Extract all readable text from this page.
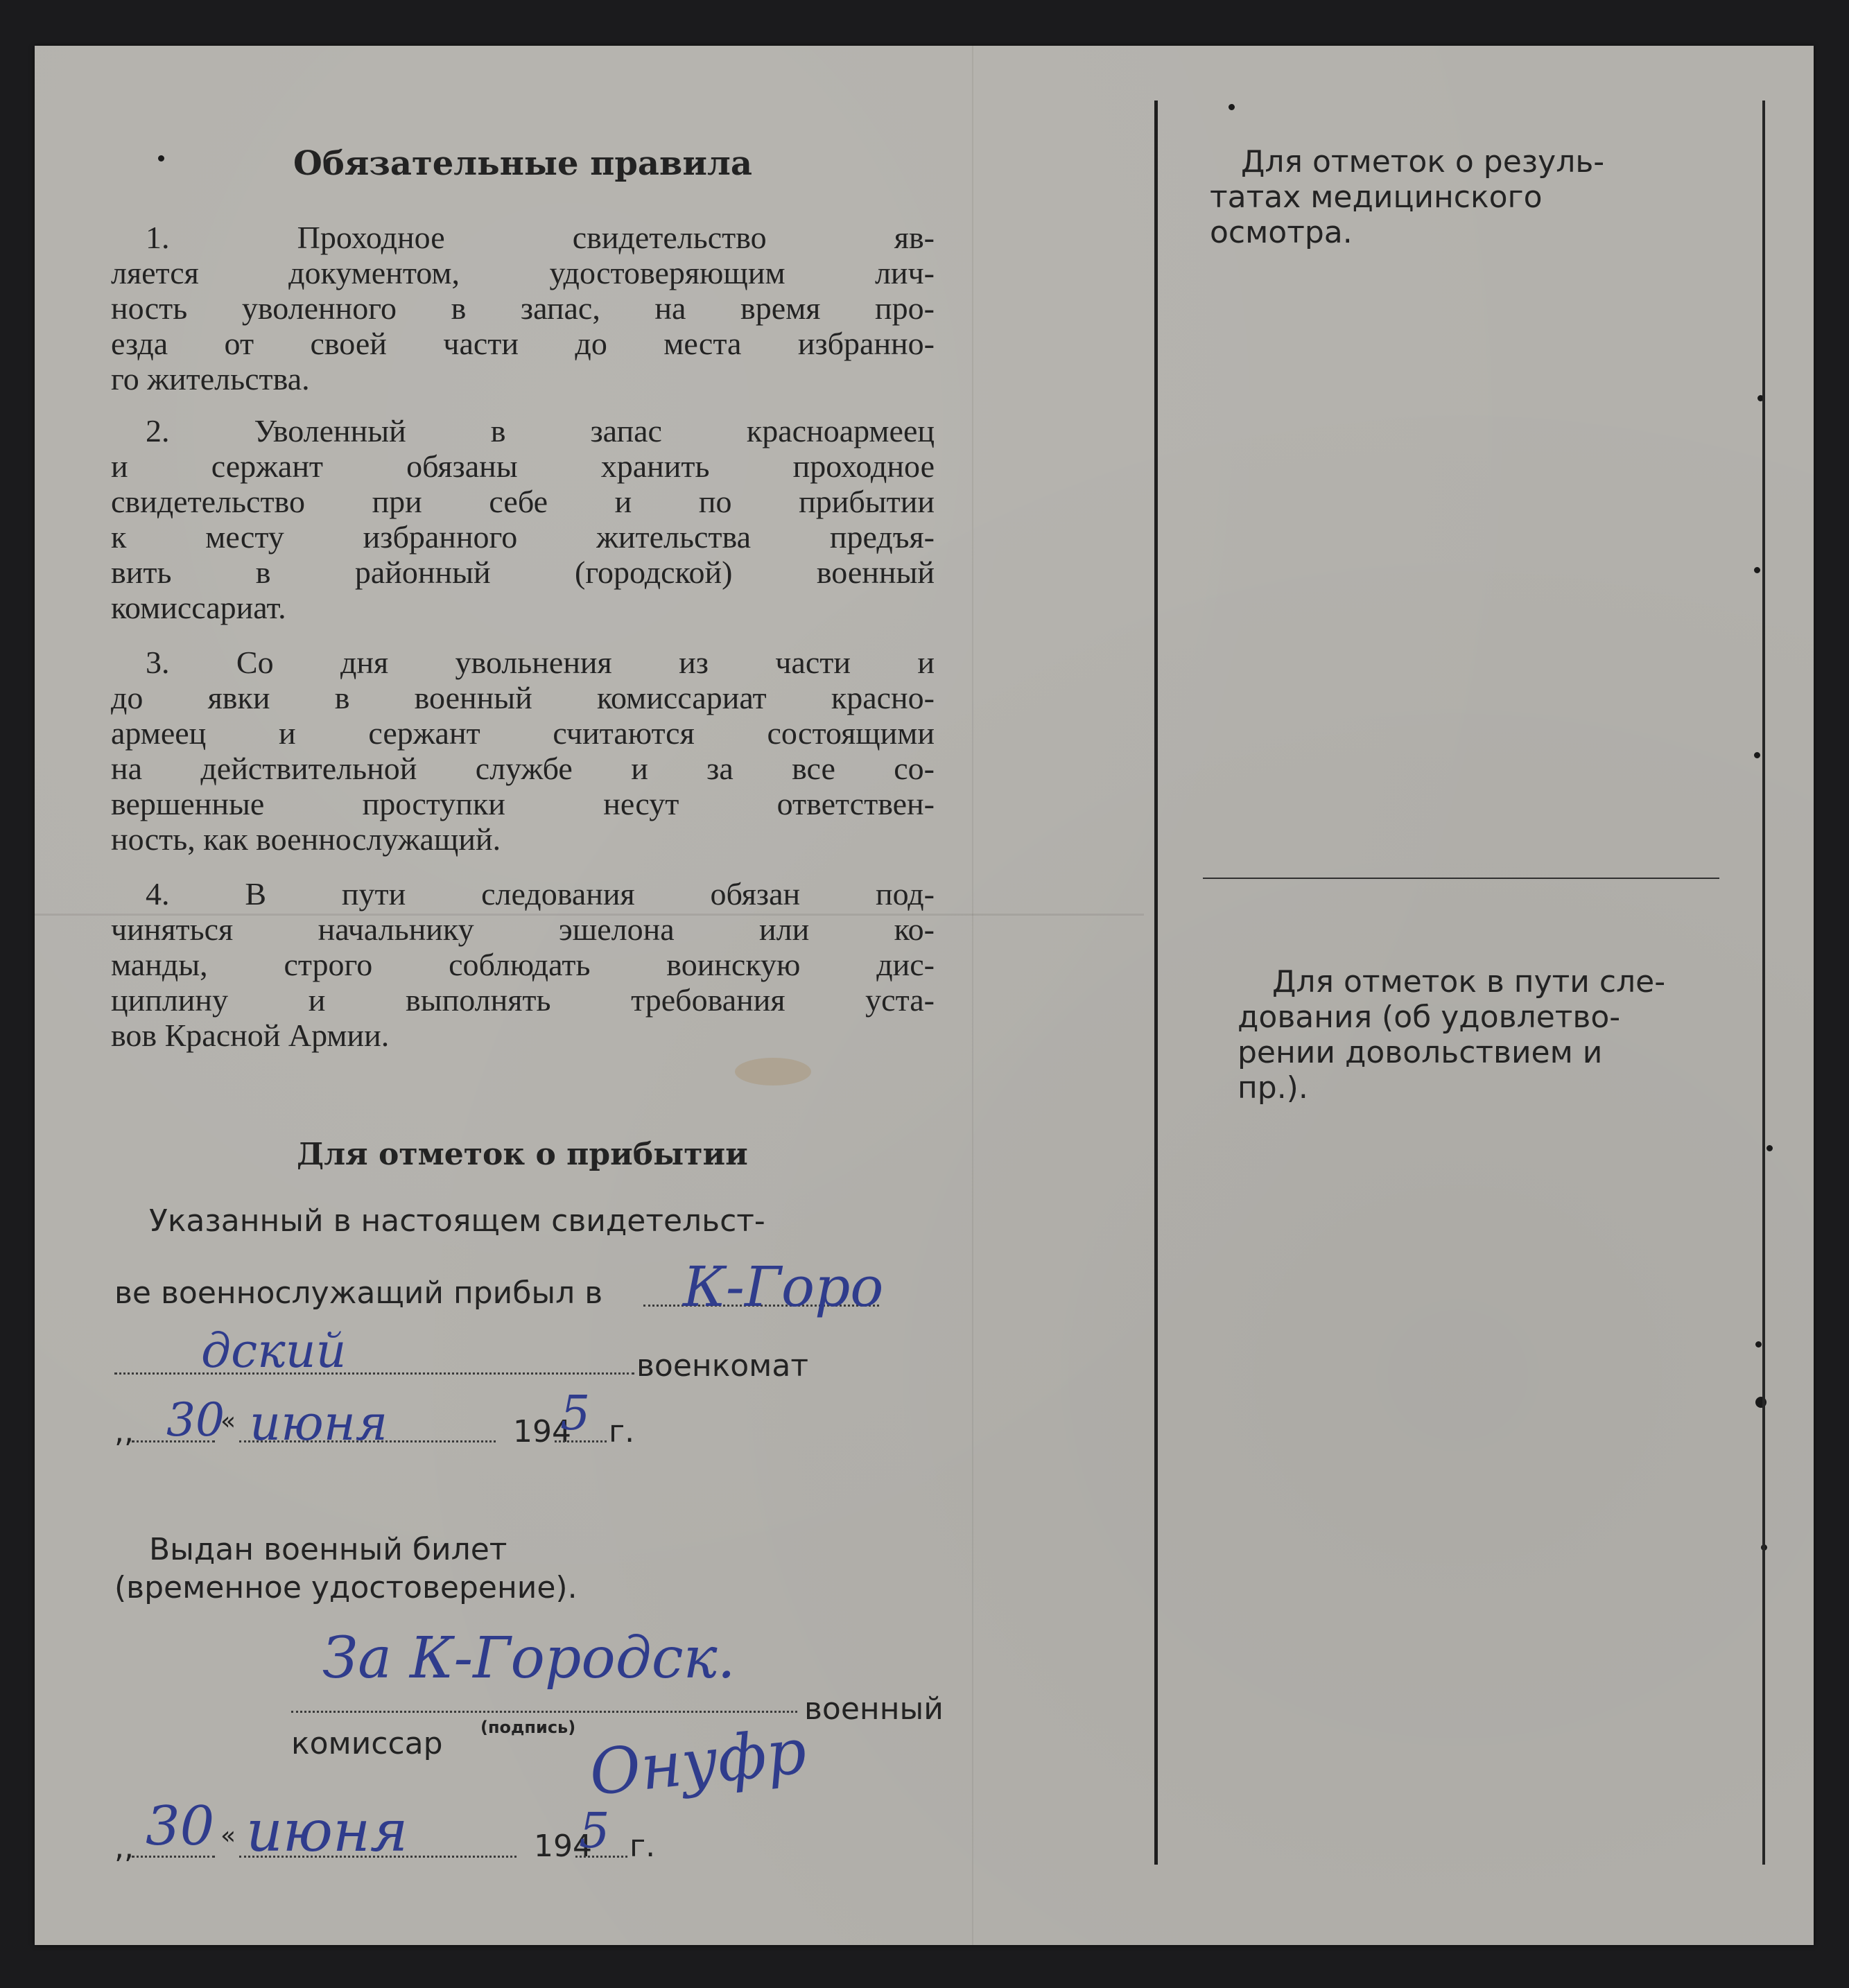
Обязательные правила
1. Проходное свидетельство яв-
ляется документом, удостоверяющим лич-
ность уволенного в запас, на время про-
езда от своей части до места избранно-
го жительства.
2. Уволенный в запас красноармеец
и сержант обязаны хранить проходное
свидетельство при себе и по прибытии
к месту избранного жительства предъя-
вить в районный (городской) военный
комиссариат.
3. Со дня увольнения из части и
до явки в военный комиссариат красно-
армеец и сержант считаются состоящими
на действительной службе и за все со-
вершенные проступки несут ответствен-
ность, как военнослужащий.
4. В пути следования обязан под-
чиняться начальнику эшелона или ко-
манды, строго соблюдать воинскую дис-
циплину и выполнять требования уста-
вов Красной Армии.
Для отметок о прибытии
Указанный в настоящем свидетельст-
ве военнослужащий прибыл в К-Горо
дский	военкомат
,, 30
« июня	194
5 г.
Выдан военный билет
(временное удостоверение).
За К-Городск.
военный
комиссар (подпись) Онуфр
,, 30 « июня	194
5 г.
Для отметок о резуль-
татах медицинского
осмотра.
Для отметок в пути сле-
дования (об удовлетво-
рении довольствием и
пр.).
